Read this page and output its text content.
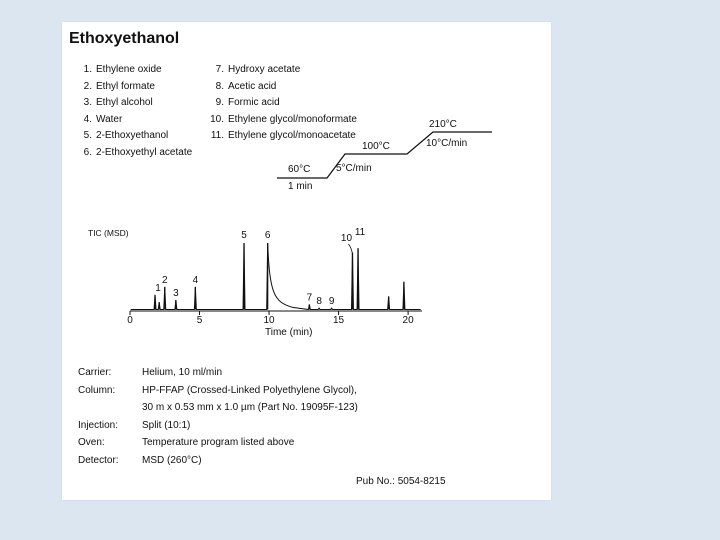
Ethoxyethanol
1. Ethylene oxide
2. Ethyl formate
3. Ethyl alcohol
4. Water
5. 2-Ethoxyethanol
6. 2-Ethoxyethyl acetate
7. Hydroxy acetate
8. Acetic acid
9. Formic acid
10. Ethylene glycol/monoformate
11. Ethylene glycol/monoacetate
60°C
1 min
5°C/min
100°C
210°C
10°C/min
TIC (MSD)
Time (min)
0	5	10	15	20
1
2
3
4
5 6
7 8 9
10
11
Carrier:	Helium, 10 ml/min
Column:	HP-FFAP (Crossed-Linked Polyethylene Glycol),
30 m x 0.53 mm x 1.0 µm (Part No. 19095F-123)
Injection: Split (10:1)
Oven:	Temperature program listed above
Detector: MSD (260°C)
Pub No.: 5054-8215
